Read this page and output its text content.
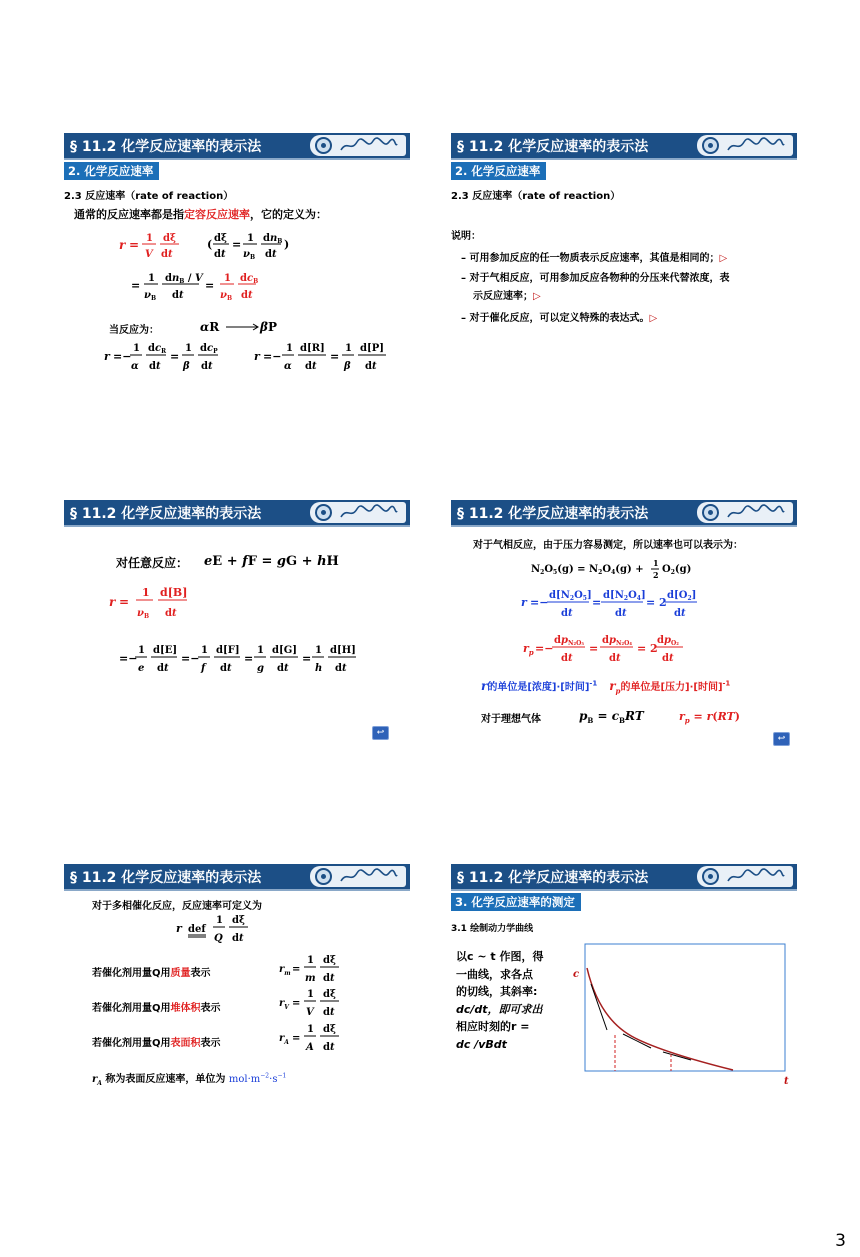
§ 11.2 化学反应速率的表示法
2. 化学反应速率
2.3 反应速率（rate of reaction）
通常的反应速率都是指定容反应速率，它的定义为：
r = 1
V
dξ
dt
( dξ
dt
= 1
ν B
$dn_B$
dt
)
=
1
ν B
$dn_B$ / V
dt
=
1
ν B
$dc_B$
dt
当反应为：	αR	βP
r =−
1
α
$dc_R$
dt
=
1
β
$dc_P$
dt
r =−
1
α
d[R]
dt
=
1
β
d[P]
dt
§ 11.2 化学反应速率的表示法
2. 化学反应速率
2.3 反应速率（rate of reaction）
说明：
– 可用参加反应的任一物质表示反应速率，其值是相同的；▷
– 对于气相反应，可用参加反应各物种的分压来代替浓度，表
示反应速率；▷
– 对于催化反应，可以定义特殊的表达式。▷
§ 11.2 化学反应速率的表示法
对任意反应： eE + fF = gG + hH
r =
1
ν B
d[B]
dt
=−
1
e
d[E]
dt
=−
1
f
d[F]
dt
=
1
g
d[G]
dt
=
1
h
d[H]
dt
↩
§ 11.2 化学反应速率的表示法
对于气相反应，由于压力容易测定，所以速率也可以表示为：
$N_2O_5(g) = N_2O_4(g)$ +
1
2 $O_2(g)$
r =−
$d[N_2O_5]$
dt
=
$d[N_2O_4]$
dt
= 2
$d[O_2]$
dt
$r_p$ =−
$dp_{N_2O_5}$
dt
=
$dp_{N_2O_4}$
dt
= 2
$dp_{O_2}$
dt
r的单位是[浓度]·[时间]$^{-1}$ $r_p$的单位是[压力]·[时间]$^{-1}$
对于理想气体	$p_B = c_BRT$	$r_p = r(RT)$
↩
§ 11.2 化学反应速率的表示法
对于多相催化反应，反应速率可定义为
r def
1
Q
dξ
dt
若催化剂用量Q用质量表示	$r_m$ =
1
m
dξ
dt
若催化剂用量Q用堆体积表示	$r_V$ =
1
V
dξ
dt
若催化剂用量Q用表面积表示	$r_A$ =
1
A
dξ
dt
$r_A$ 称为表面反应速率，单位为 $mol\cdot m^{-2}\cdot s^{-1}$
§ 11.2 化学反应速率的表示法
3. 化学反应速率的测定
3.1 绘制动力学曲线
以c ~ t 作图，得
一曲线，求各点
的切线，其斜率:
dc/dt，即可求出
相应时刻的r =
dc /vBdt
c
t
3
